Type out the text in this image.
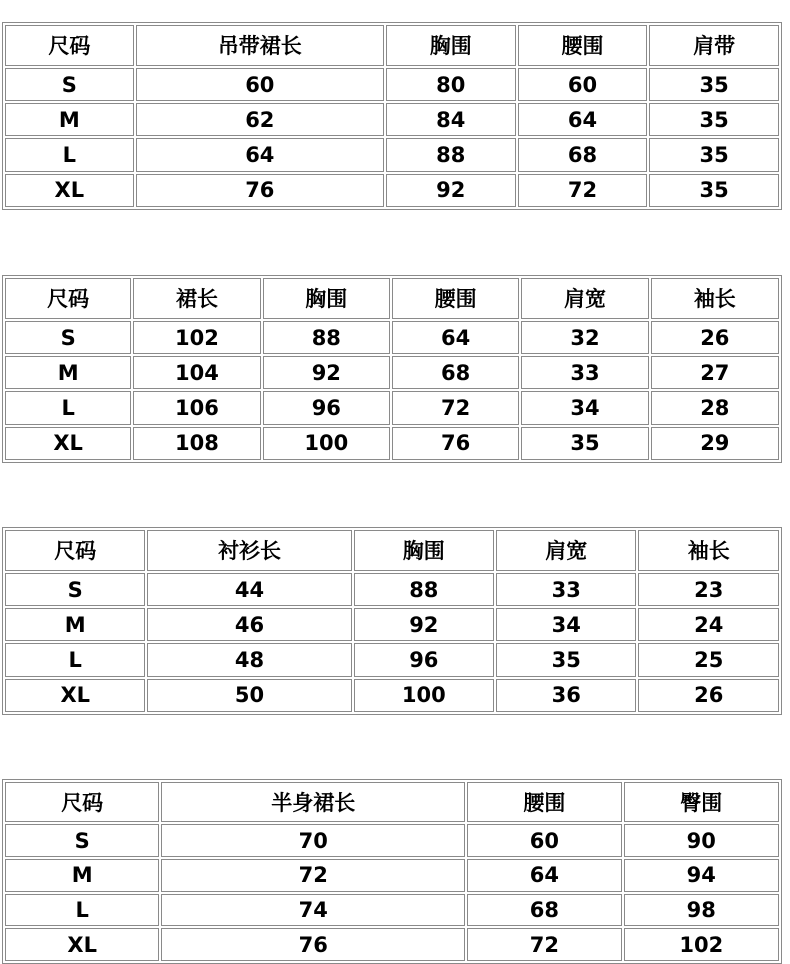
尺码	吊带裙长	胸围	腰围	肩带
S	60	80	60	35
M	62	84	64	35
L	64	88	68	35
XL	76	92	72	35
尺码	裙长	胸围	腰围	肩宽	袖长
S	102	88	64	32	26
M	104	92	68	33	27
L	106	96	72	34	28
XL	108	100	76	35	29
尺码	衬衫长	胸围	肩宽	袖长
S	44	88	33	23
M	46	92	34	24
L	48	96	35	25
XL	50	100	36	26
尺码	半身裙长	腰围	臀围
S	70	60	90
M	72	64	94
L	74	68	98
XL	76	72	102
